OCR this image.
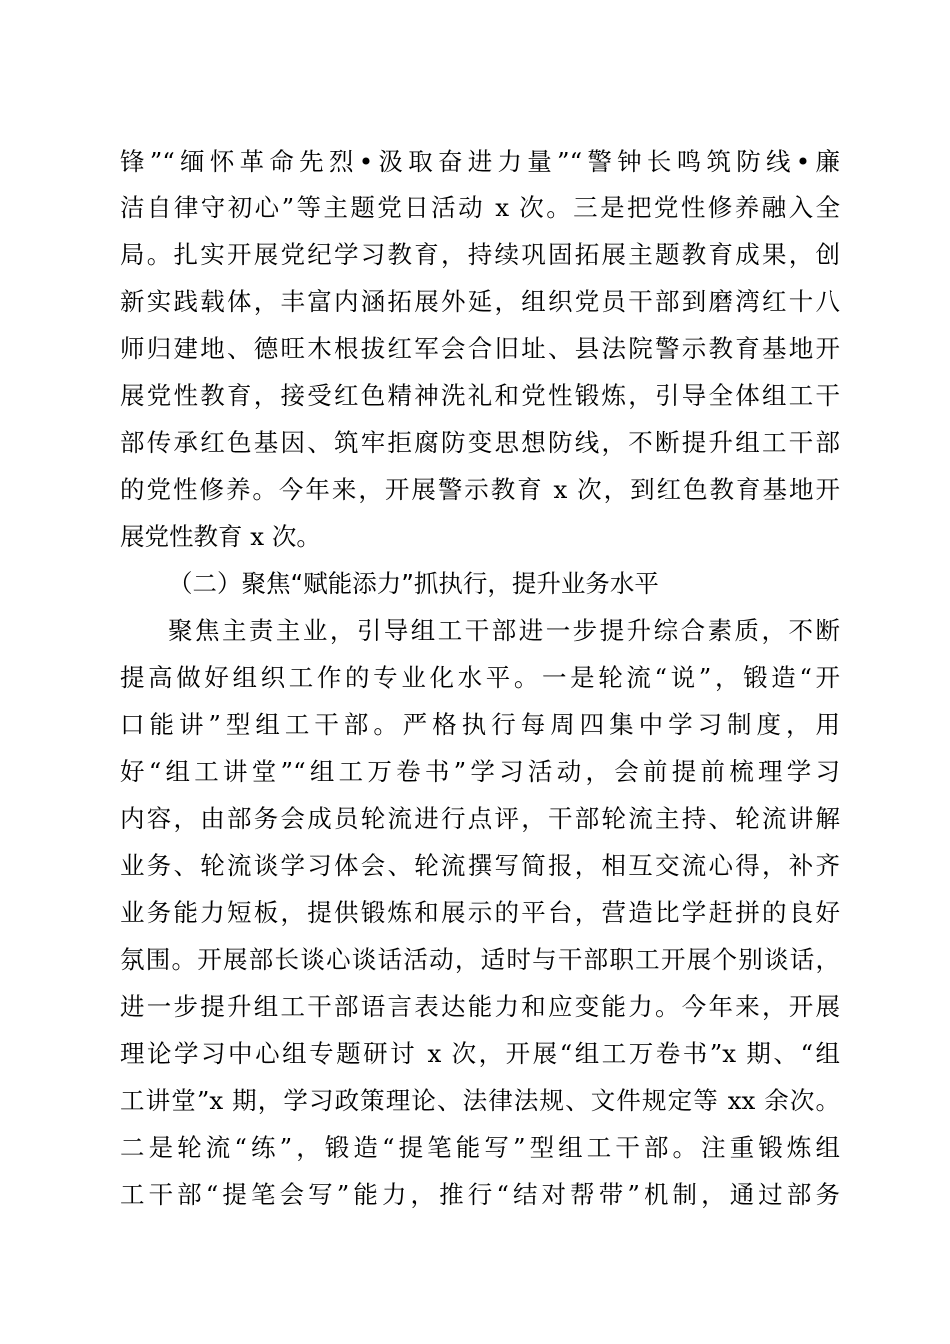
锋”“缅怀革命先烈•汲取奋进力量”“警钟长鸣筑防线•廉
洁自律守初心”等主题党日活动 x 次。三是把党性修养融入全
局。扎实开展党纪学习教育，持续巩固拓展主题教育成果，创
新实践载体，丰富内涵拓展外延，组织党员干部到磨湾红十八
师归建地、德旺木根拔红军会合旧址、县法院警示教育基地开
展党性教育，接受红色精神洗礼和党性锻炼，引导全体组工干
部传承红色基因、筑牢拒腐防变思想防线，不断提升组工干部
的党性修养。今年来，开展警示教育 x 次，到红色教育基地开
展党性教育 x 次。
（二）聚焦“赋能添力”抓执行，提升业务水平
聚焦主责主业，引导组工干部进一步提升综合素质，不断
提高做好组织工作的专业化水平。一是轮流“说”，锻造“开
口能讲”型组工干部。严格执行每周四集中学习制度，用
好“组工讲堂”“组工万卷书”学习活动，会前提前梳理学习
内容，由部务会成员轮流进行点评，干部轮流主持、轮流讲解
业务、轮流谈学习体会、轮流撰写简报，相互交流心得，补齐
业务能力短板，提供锻炼和展示的平台，营造比学赶拼的良好
氛围。开展部长谈心谈话活动，适时与干部职工开展个别谈话，
进一步提升组工干部语言表达能力和应变能力。今年来，开展
理论学习中心组专题研讨 x 次，开展“组工万卷书”x 期、“组
工讲堂”x 期，学习政策理论、法律法规、文件规定等 xx 余次。
二是轮流“练”，锻造“提笔能写”型组工干部。注重锻炼组
工干部“提笔会写”能力，推行“结对帮带”机制，通过部务
